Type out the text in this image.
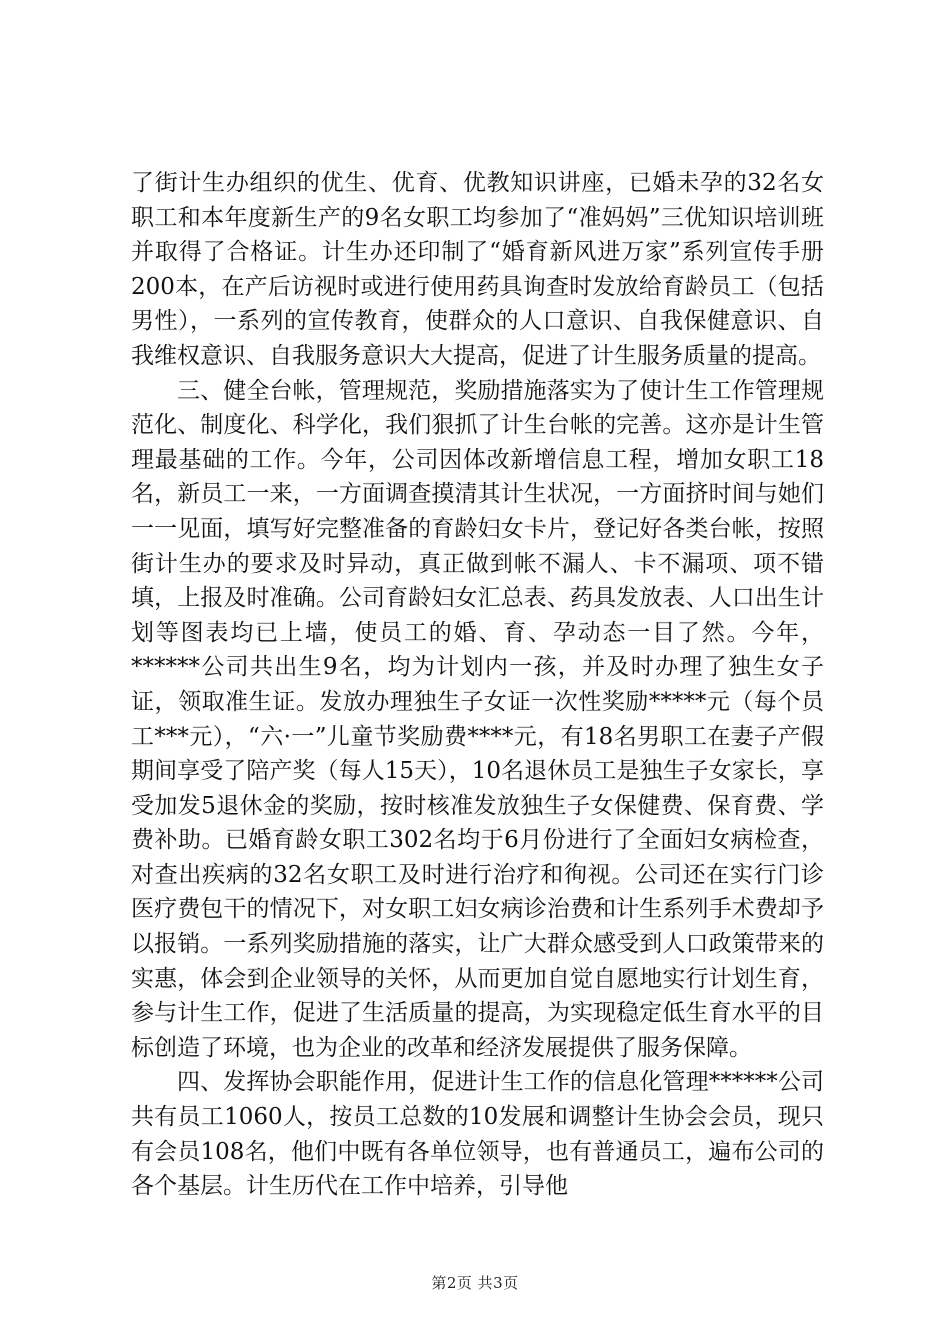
了街计生办组织的优生、优育、优教知识讲座，已婚未孕的32名女职工和本年度新生产的9名女职工均参加了“准妈妈”三优知识培训班并取得了合格证。计生办还印制了“婚育新风进万家”系列宣传手册200本，在产后访视时或进行使用药具询查时发放给育龄员工（包括男性），一系列的宣传教育，使群众的人口意识、自我保健意识、自我维权意识、自我服务意识大大提高，促进了计生服务质量的提高。

三、健全台帐，管理规范，奖励措施落实为了使计生工作管理规范化、制度化、科学化，我们狠抓了计生台帐的完善。这亦是计生管理最基础的工作。今年，公司因体改新增信息工程，增加女职工18名，新员工一来，一方面调查摸清其计生状况，一方面挤时间与她们一一见面，填写好完整准备的育龄妇女卡片，登记好各类台帐，按照街计生办的要求及时异动，真正做到帐不漏人、卡不漏项、项不错填，上报及时准确。公司育龄妇女汇总表、药具发放表、人口出生计划等图表均已上墙，使员工的婚、育、孕动态一目了然。今年，******公司共出生9名，均为计划内一孩，并及时办理了独生女子证，领取准生证。发放办理独生子女证一次性奖励*****元（每个员工***元），“六·一”儿童节奖励费****元，有18名男职工在妻子产假期间享受了陪产奖（每人15天），10名退休员工是独生子女家长，享受加发5退休金的奖励，按时核准发放独生子女保健费、保育费、学费补助。已婚育龄女职工302名均于6月份进行了全面妇女病检查，对查出疾病的32名女职工及时进行治疗和徇视。公司还在实行门诊医疗费包干的情况下，对女职工妇女病诊治费和计生系列手术费却予以报销。一系列奖励措施的落实，让广大群众感受到人口政策带来的实惠，体会到企业领导的关怀，从而更加自觉自愿地实行计划生育，参与计生工作，促进了生活质量的提高，为实现稳定低生育水平的目标创造了环境，也为企业的改革和经济发展提供了服务保障。

四、发挥协会职能作用，促进计生工作的信息化管理******公司共有员工1060人，按员工总数的10发展和调整计生协会会员，现只有会员108名，他们中既有各单位领导，也有普通员工，遍布公司的各个基层。计生历代在工作中培养，引导他

第2页 共3页
